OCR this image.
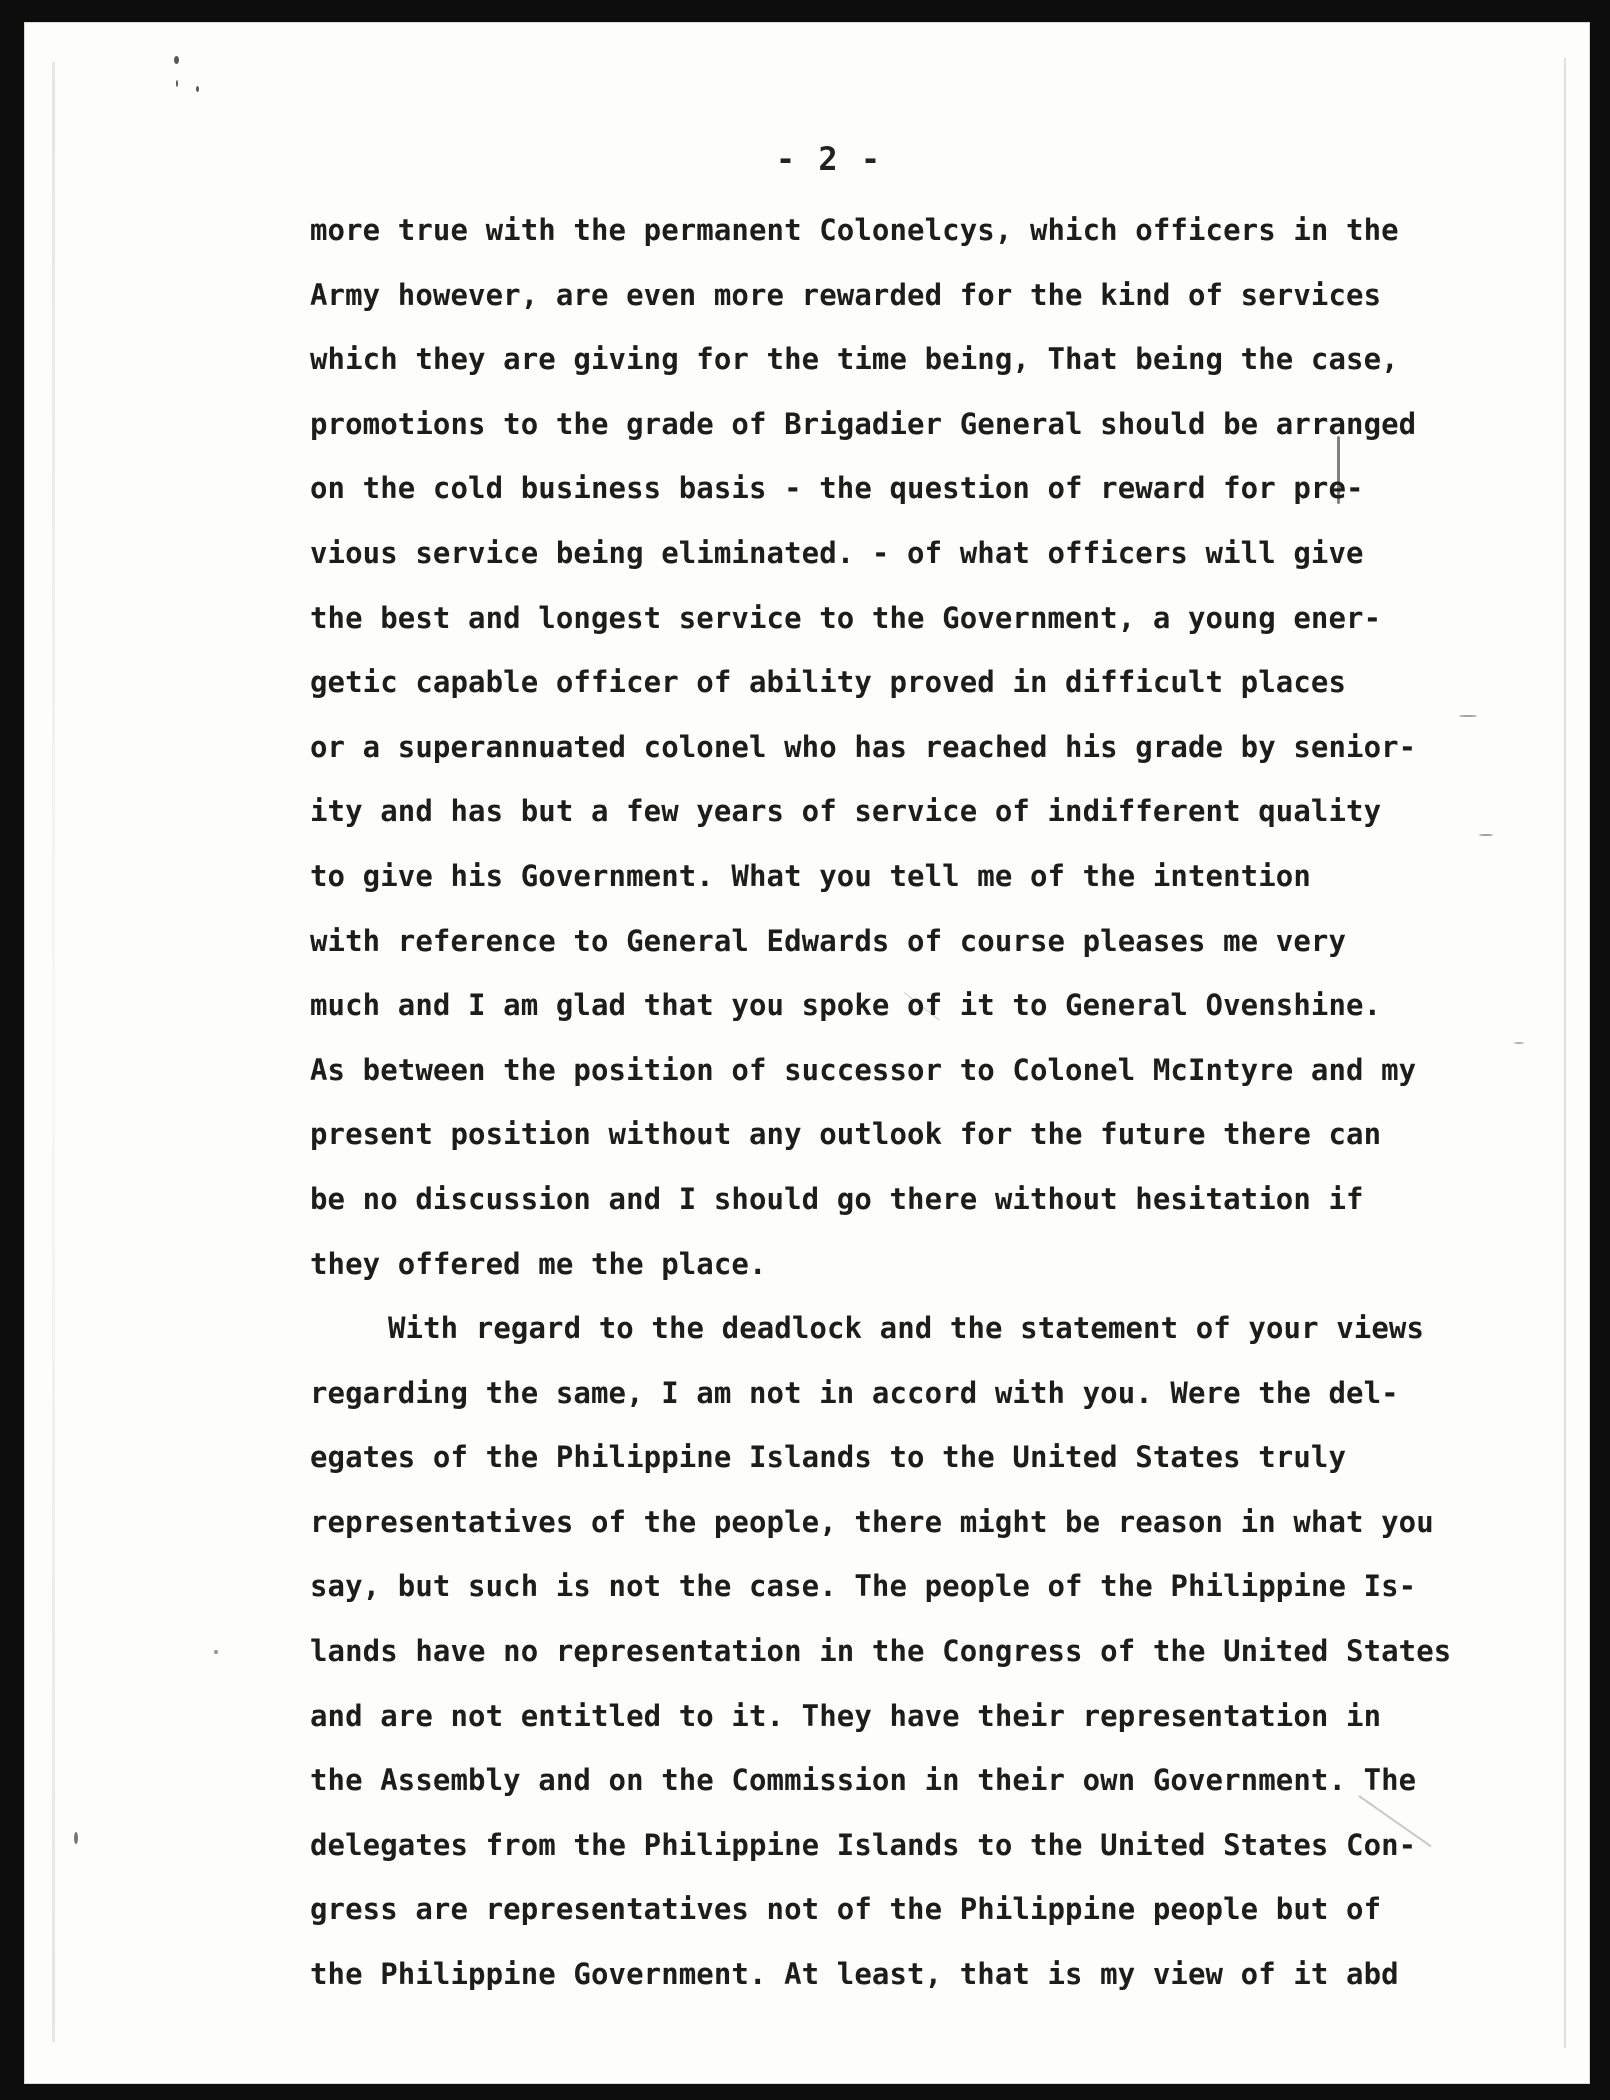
- 2 -
more true with the permanent Colonelcys, which officers in the
Army however, are even more rewarded for the kind of services
which they are giving for the time being, That being the case,
promotions to the grade of Brigadier General should be arranged
on the cold business basis - the question of reward for pre-
vious service being eliminated. - of what officers will give
the best and longest service to the Government, a young ener-
getic capable officer of ability proved in difficult places
or a superannuated colonel who has reached his grade by senior-
ity and has but a few years of service of indifferent quality
to give his Government. What you tell me of the intention
with reference to General Edwards of course pleases me very
much and I am glad that you spoke of it to General Ovenshine.
As between the position of successor to Colonel McIntyre and my
present position without any outlook for the future there can
be no discussion and I should go there without hesitation if
they offered me the place.
With regard to the deadlock and the statement of your views
regarding the same, I am not in accord with you. Were the del-
egates of the Philippine Islands to the United States truly
representatives of the people, there might be reason in what you
say, but such is not the case. The people of the Philippine Is-
lands have no representation in the Congress of the United States
and are not entitled to it. They have their representation in
the Assembly and on the Commission in their own Government. The
delegates from the Philippine Islands to the United States Con-
gress are representatives not of the Philippine people but of
the Philippine Government. At least, that is my view of it abd
